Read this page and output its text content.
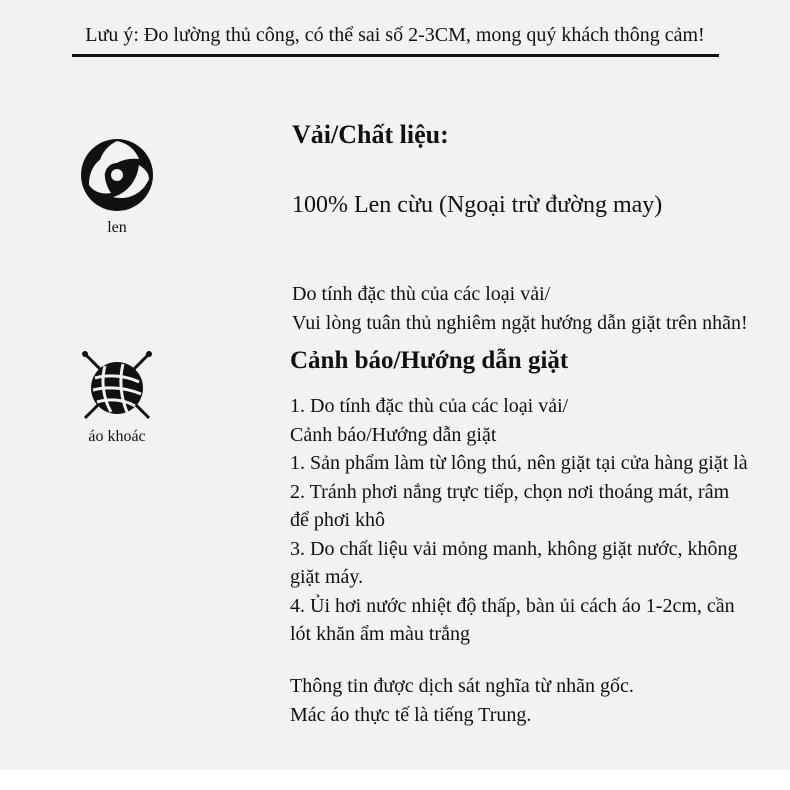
Lưu ý: Đo lường thủ công, có thể sai số 2-3CM, mong quý khách thông cảm!
len
Vải/Chất liệu:
100% Len cừu (Ngoại trừ đường may)
Do tính đặc thù của các loại vải/
Vui lòng tuân thủ nghiêm ngặt hướng dẫn giặt trên nhãn!
áo khoác
Cảnh báo/Hướng dẫn giặt
1. Do tính đặc thù của các loại vải/
Cảnh báo/Hướng dẫn giặt
1. Sản phẩm làm từ lông thú, nên giặt tại cửa hàng giặt là
2. Tránh phơi nắng trực tiếp, chọn nơi thoáng mát, râm
để phơi khô
3. Do chất liệu vải mỏng manh, không giặt nước, không
giặt máy.
4. Ủi hơi nước nhiệt độ thấp, bàn ủi cách áo 1-2cm, cần
lót khăn ẩm màu trắng
Thông tin được dịch sát nghĩa từ nhãn gốc.
Mác áo thực tế là tiếng Trung.
